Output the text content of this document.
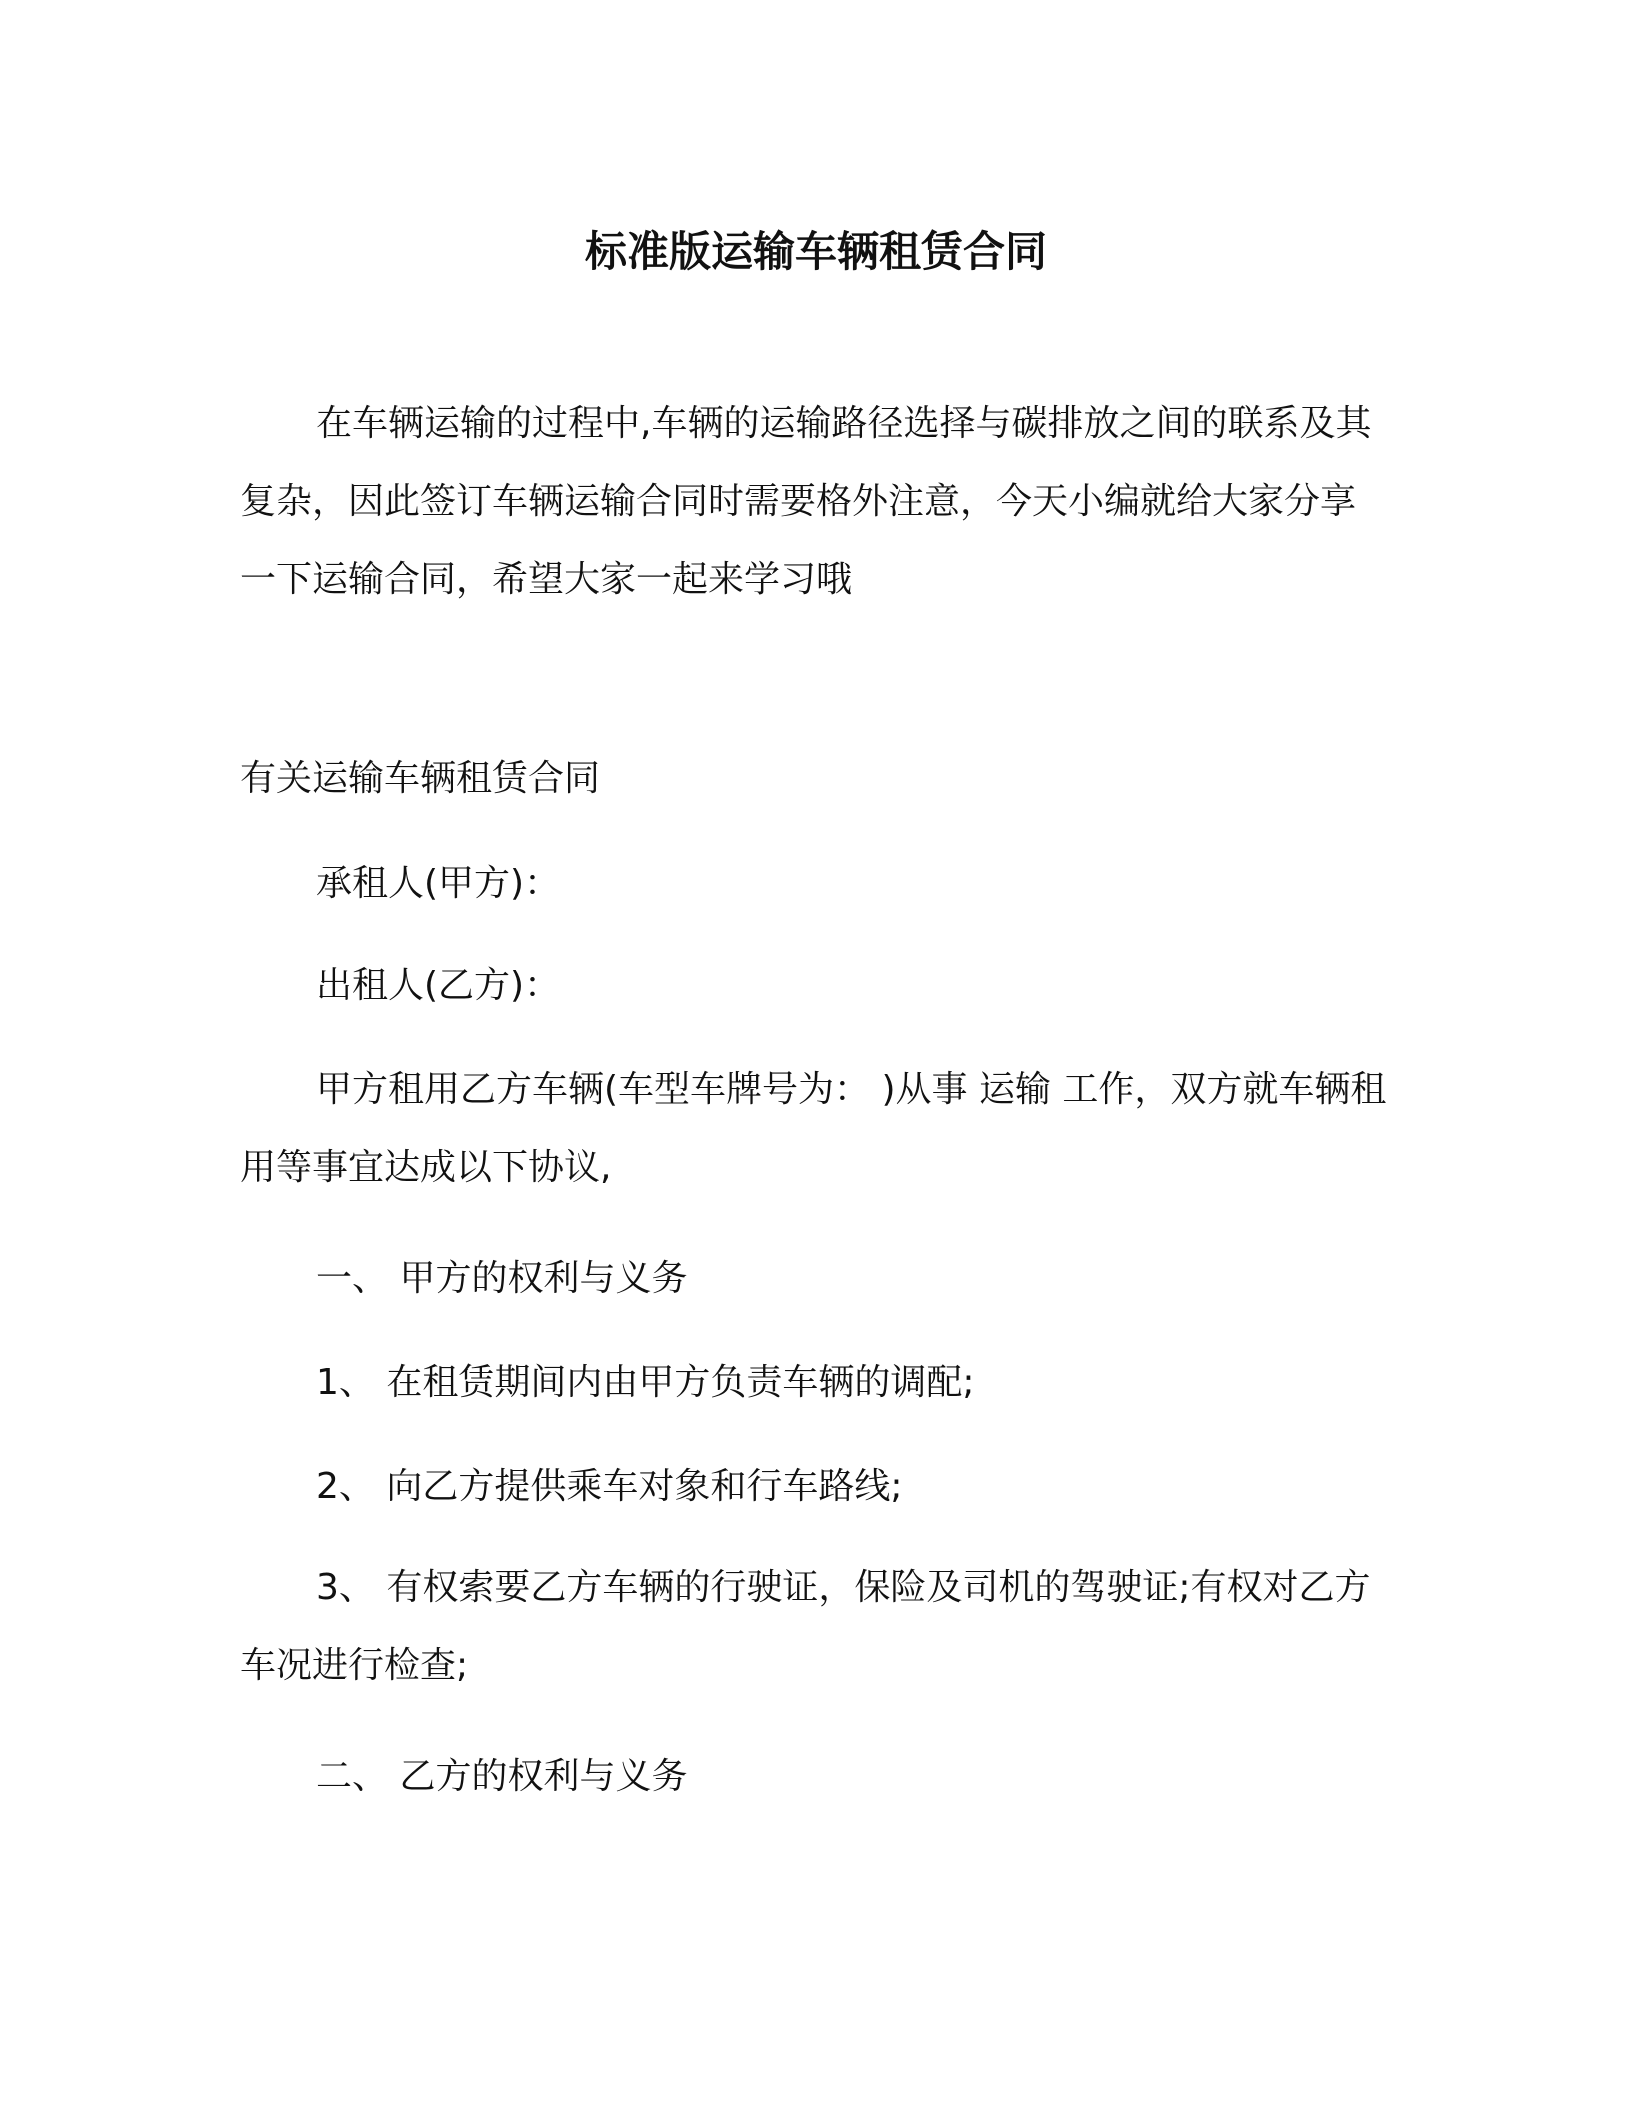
标准版运输车辆租赁合同

在车辆运输的过程中,车辆的运输路径选择与碳排放之间的联系及其复杂，因此签订车辆运输合同时需要格外注意，今天小编就给大家分享一下运输合同，希望大家一起来学习哦

有关运输车辆租赁合同

承租人(甲方)：

出租人(乙方)：

甲方租用乙方车辆(车型车牌号为： )从事 运输 工作，双方就车辆租用等事宜达成以下协议,

一、 甲方的权利与义务

1、 在租赁期间内由甲方负责车辆的调配;

2、 向乙方提供乘车对象和行车路线;

3、 有权索要乙方车辆的行驶证，保险及司机的驾驶证;有权对乙方车况进行检查;

二、 乙方的权利与义务
